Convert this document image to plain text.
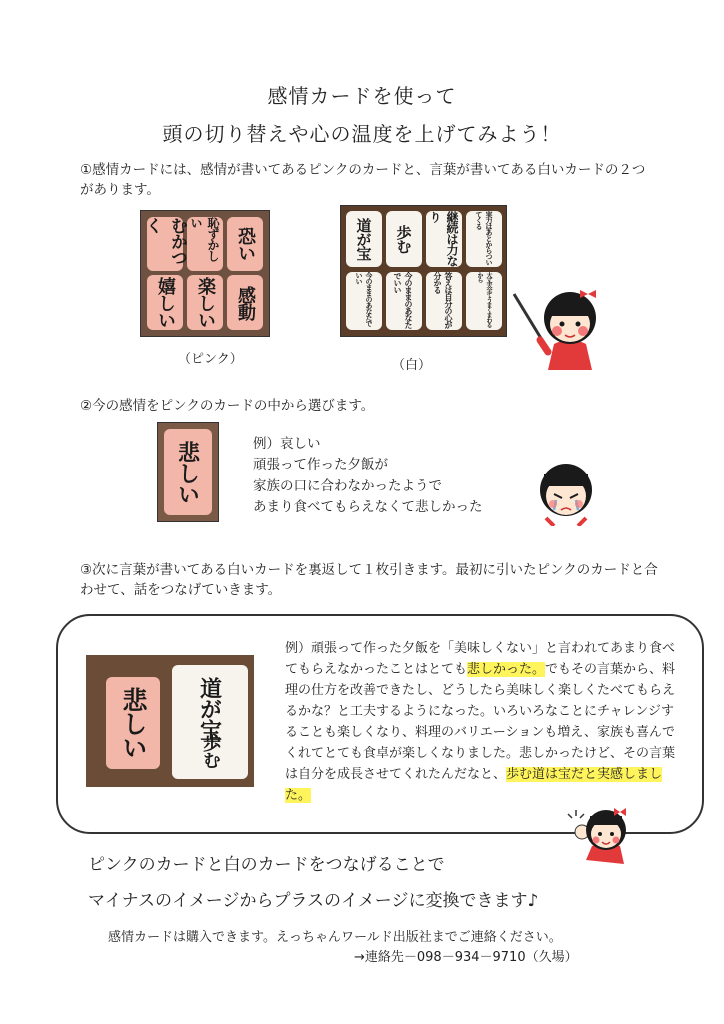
感情カードを使って
頭の切り替えや心の温度を上げてみよう！
①感情カードには、感情が書いてあるピンクのカードと、言葉が書いてある白いカードの２つがあります。
むかつく	恥ずかしい
恐い
嬉しい	楽しい	感動
（ピンク）
道が宝	歩む	継続は力なり	実力はあとからついてくる
今のままのあなたでいい	今のままのあなたでいい	答えは自分の心が分かる	大丈夫全てうまくまわるから
（白）
②今の感情をピンクのカードの中から選びます。
悲しい	例）哀しい
頑張って作った夕飯が
家族の口に合わなかったようで
あまり食べてもらえなくて悲しかった
③次に言葉が書いてある白いカードを裏返して１枚引きます。最初に引いたピンクのカードと合わせて、話をつなげていきます。
悲しい	道が宝
歩む
例）頑張って作った夕飯を「美味しくない」と言われてあまり食べてもらえなかったことはとても悲しかった。でもその言葉から、料理の仕方を改善できたし、どうしたら美味しく楽しくたべてもらえるかな？と工夫するようになった。いろいろなことにチャレンジすることも楽しくなり、料理のバリエーションも増え、家族も喜んでくれてとても食卓が楽しくなりました。悲しかったけど、その言葉は自分を成長させてくれたんだなと、歩む道は宝だと実感しました。
ピンクのカードと白のカードをつなげることで
マイナスのイメージからプラスのイメージに変換できます♪
感情カードは購入できます。えっちゃんワールド出版社までご連絡ください。
→連絡先－098－934－9710（久場）
